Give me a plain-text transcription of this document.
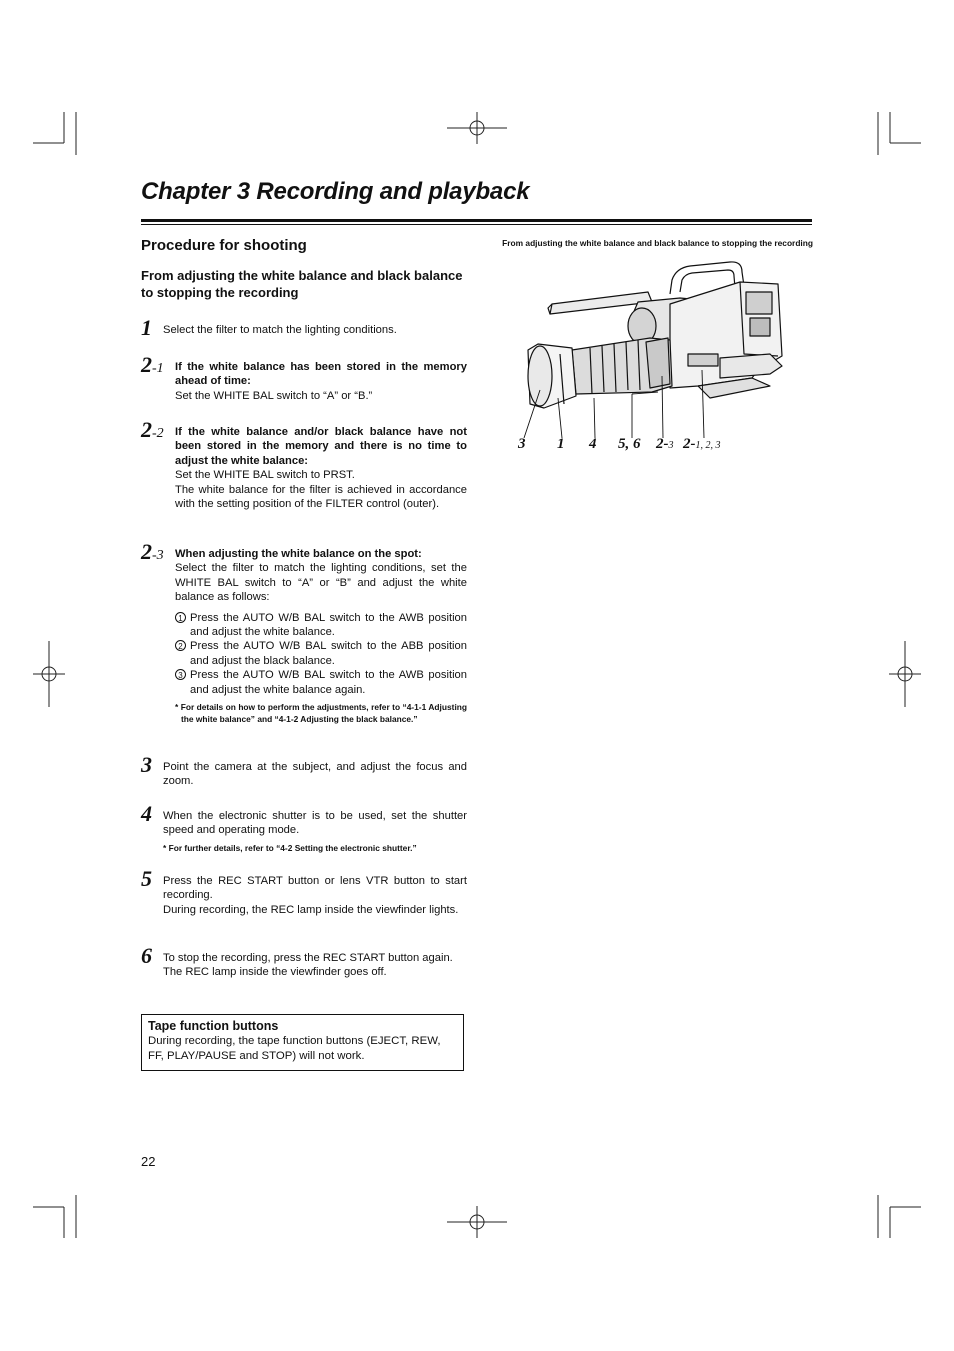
Chapter 3 Recording and playback
Procedure for shooting

From adjusting the white balance and black balance to stopping the recording

1 Select the filter to match the lighting conditions.
2-1 If the white balance has been stored in the memory ahead of time:

Set the WHITE BAL switch to “A” or “B.”

2-2 If the white balance and/or black balance have not been stored in the memory and there is no time to adjust the white balance:

Set the WHITE BAL switch to PRST.

The white balance for the filter is achieved in accordance with the setting position of the FILTER control (outer).

2-3 When adjusting the white balance on the spot:

Select the filter to match the lighting conditions, set the WHITE BAL switch to “A” or “B” and adjust the white balance as follows:

1 Press the AUTO W/B BAL switch to the AWB position and adjust the white balance.
2 Press the AUTO W/B BAL switch to the ABB position and adjust the black balance.
3 Press the AUTO W/B BAL switch to the AWB position and adjust the white balance again.

* For details on how to perform the adjustments, refer to “4-1-1 Adjusting the white balance” and “4-1-2 Adjusting the black balance.”

3 Point the camera at the subject, and adjust the focus and zoom.
4 When the electronic shutter is to be used, set the shutter speed and operating mode.

* For further details, refer to “4-2 Setting the electronic shutter.”

5 Press the REC START button or lens VTR button to start recording.

During recording, the REC lamp inside the viewfinder lights.

6 To stop the recording, press the REC START button again.

The REC lamp inside the viewfinder goes off.

Tape function buttons

During recording, the tape function buttons (EJECT, REW, FF, PLAY/PAUSE and STOP) will not work.

22

From adjusting the white balance and black balance to stopping the recording

3 1 4 5, 6 2-3 2-1, 2, 3
